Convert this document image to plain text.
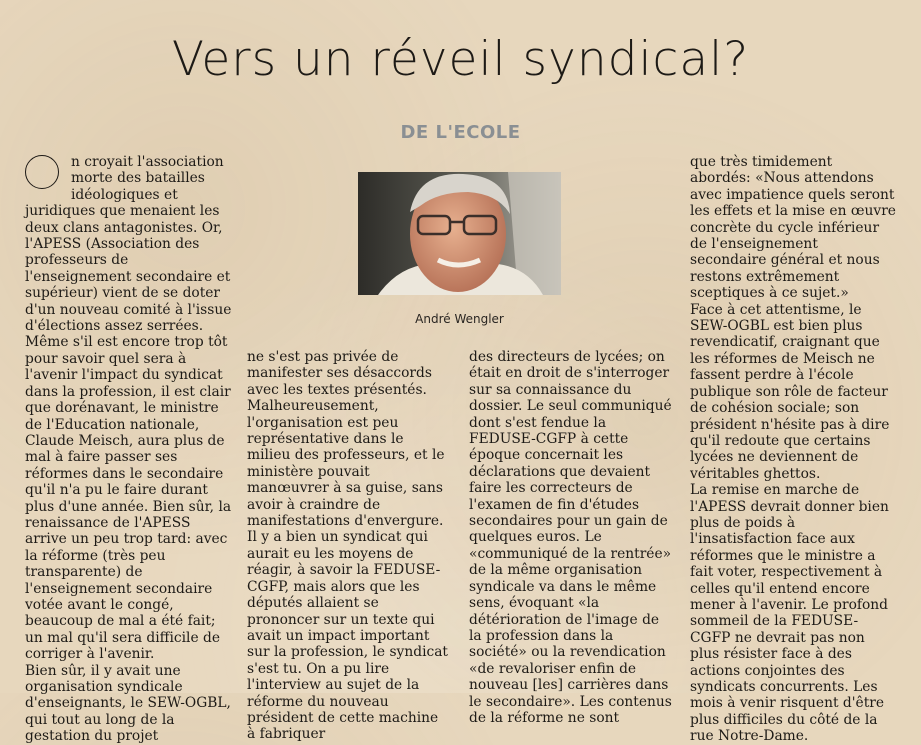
Vers un réveil syndical?
DE L'ECOLE
André Wengler

n croyait l'association morte des batailles idéologiques et juridiques que menaient les deux clans antagonistes. Or, l'APESS (Association des professeurs de l'enseignement secondaire et supérieur) vient de se doter d'un nouveau comité à l'issue d'élections assez serrées. Même s'il est encore trop tôt pour savoir quel sera à l'avenir l'impact du syndicat dans la profession, il est clair que dorénavant, le ministre de l'Education nationale, Claude Meisch, aura plus de mal à faire passer ses réformes dans le secondaire qu'il n'a pu le faire durant plus d'une année. Bien sûr, la renaissance de l'APESS arrive un peu trop tard: avec la réforme (très peu transparente) de l'enseignement secondaire votée avant le congé, beaucoup de mal a été fait; un mal qu'il sera difficile de corriger à l'avenir.

Bien sûr, il y avait une organisation syndicale d'enseignants, le SEW-OGBL, qui tout au long de la gestation du projet

ne s'est pas privée de manifester ses désaccords avec les textes présentés. Malheureusement, l'organisation est peu représentative dans le milieu des professeurs, et le ministère pouvait manœuvrer à sa guise, sans avoir à craindre de manifestations d'envergure.

Il y a bien un syndicat qui aurait eu les moyens de réagir, à savoir la FEDUSE-CGFP, mais alors que les députés allaient se prononcer sur un texte qui avait un impact important sur la profession, le syndicat s'est tu. On a pu lire l'interview au sujet de la réforme du nouveau président de cette machine à fabriquer

des directeurs de lycées; on était en droit de s'interroger sur sa connaissance du dossier. Le seul communiqué dont s'est fendue la FEDUSE-CGFP à cette époque concernait les déclarations que devaient faire les correcteurs de l'examen de fin d'études secondaires pour un gain de quelques euros. Le «communiqué de la rentrée» de la même organisation syndicale va dans le même sens, évoquant «la détérioration de l'image de la profession dans la société» ou la revendication «de revaloriser enfin de nouveau [les] carrières dans le secondaire». Les contenus de la réforme ne sont

que très timidement abordés: «Nous attendons avec impatience quels seront les effets et la mise en œuvre concrète du cycle inférieur de l'enseignement secondaire général et nous restons extrêmement sceptiques à ce sujet.»

Face à cet attentisme, le SEW-OGBL est bien plus revendicatif, craignant que les réformes de Meisch ne fassent perdre à l'école publique son rôle de facteur de cohésion sociale; son président n'hésite pas à dire qu'il redoute que certains lycées ne deviennent de véritables ghettos.

La remise en marche de l'APESS devrait donner bien plus de poids à l'insatisfaction face aux réformes que le ministre a fait voter, respectivement à celles qu'il entend encore mener à l'avenir. Le profond sommeil de la FEDUSE-CGFP ne devrait pas non plus résister face à des actions conjointes des syndicats concurrents. Les mois à venir risquent d'être plus difficiles du côté de la rue Notre-Dame.
